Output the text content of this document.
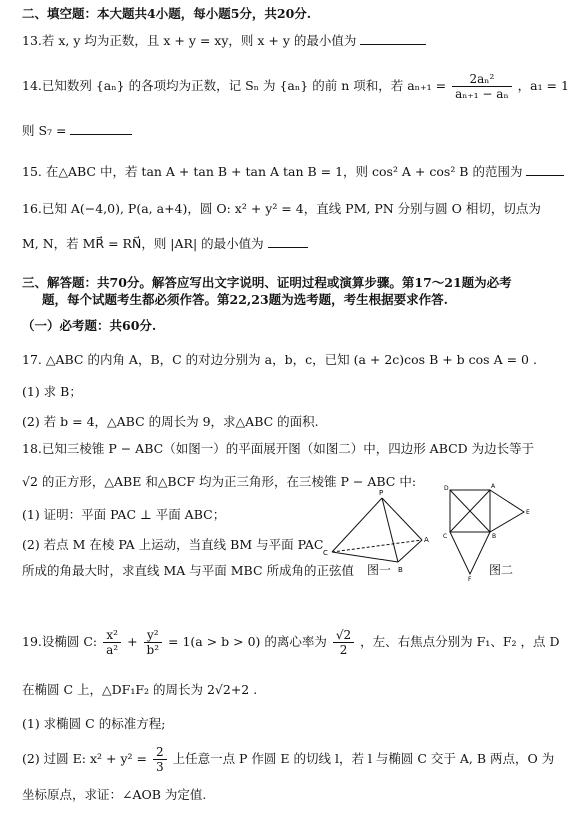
二、填空题：本大题共4小题，每小题5分，共20分.
13.若 x, y 均为正数，且 x + y = xy，则 x + y 的最小值为
14.已知数列 {aₙ} 的各项均为正数，记 Sₙ 为 {aₙ} 的前 n 项和，若 $a_{n+1} = \frac{\text{2aₙ²}}{\text{aₙ₊₁ − aₙ}}$ ，a₁ = 1
则 S₇ =
15. 在△ABC 中，若 tan A + tan B + tan A tan B = 1，则 cos² A + cos² B 的范围为
16.已知 A(−4,0), P(a, a+4)，圆 O: x² + y² = 4，直线 PM, PN 分别与圆 O 相切，切点为
M, N，若 MR⃗ = RN⃗，则 |AR| 的最小值为
三、解答题：共70分。解答应写出文字说明、证明过程或演算步骤。第17～21题为必考
题，每个试题考生都必须作答。第22,23题为选考题，考生根据要求作答.
（一）必考题：共60分.
17. △ABC 的内角 A，B，C 的对边分别为 a，b，c，已知 (a + 2c)cos B + b cos A = 0 .
(1) 求 B；
(2) 若 b = 4，△ABC 的周长为 9，求△ABC 的面积.
18.已知三棱锥 P − ABC（如图一）的平面展开图（如图二）中，四边形 ABCD 为边长等于
√2 的正方形，△ABE 和△BCF 均为正三角形，在三棱锥 P − ABC 中:
(1) 证明：平面 PAC ⊥ 平面 ABC；
(2) 若点 M 在棱 PA 上运动，当直线 BM 与平面 PAC
所成的角最大时，求直线 MA 与平面 MBC 所成角的正弦值
P
A
B
C
图一
D	A
E
B
C
F
图二
19.设椭圆 C: $\frac{\text{x²}}{\text{a²}} + \frac{\text{y²}}{\text{b²}} = 1(a > b > 0)$ 的离心率为 $\frac{√2}{2}$ ，左、右焦点分别为 F₁、F₂ ，点 D
在椭圆 C 上，△DF₁F₂ 的周长为 2√2+2 .
(1) 求椭圆 C 的标准方程;
(2) 过圆 E: $x^2 + y^2 = \frac{2}{3}$ 上任意一点 P 作圆 E 的切线 l，若 l 与椭圆 C 交于 A, B 两点，O 为
坐标原点，求证：∠AOB 为定值.
